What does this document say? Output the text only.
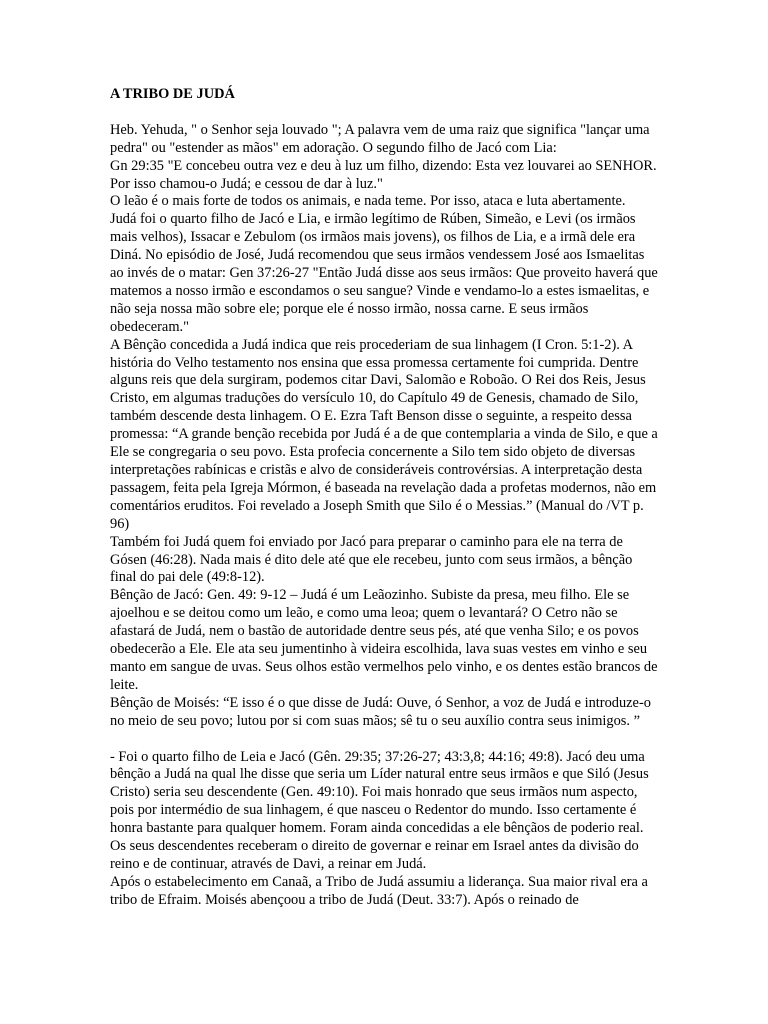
A TRIBO DE JUDÁ

Heb. Yehuda, " o Senhor seja louvado "; A palavra vem de uma raiz que significa "lançar uma pedra" ou "estender as mãos" em adoração. O segundo filho de Jacó com Lia:

Gn 29:35 "E concebeu outra vez e deu à luz um filho, dizendo: Esta vez louvarei ao SENHOR. Por isso chamou-o Judá; e cessou de dar à luz."

O leão é o mais forte de todos os animais, e nada teme. Por isso, ataca e luta abertamente.

Judá foi o quarto filho de Jacó e Lia, e irmão legítimo de Rúben, Simeão, e Levi (os irmãos mais velhos), Issacar e Zebulom (os irmãos mais jovens), os filhos de Lia, e a irmã dele era Diná. No episódio de José, Judá recomendou que seus irmãos vendessem José aos Ismaelitas ao invés de o matar: Gen 37:26-27 "Então Judá disse aos seus irmãos: Que proveito haverá que matemos a nosso irmão e escondamos o seu sangue? Vinde e vendamo-lo a estes ismaelitas, e não seja nossa mão sobre ele; porque ele é nosso irmão, nossa carne. E seus irmãos obedeceram."

A Bênção concedida a Judá indica que reis procederiam de sua linhagem (I Cron. 5:1-2). A história do Velho testamento nos ensina que essa promessa certamente foi cumprida. Dentre alguns reis que dela surgiram, podemos citar Davi, Salomão e Roboão. O Rei dos Reis, Jesus Cristo, em algumas traduções do versículo 10, do Capítulo 49 de Genesis, chamado de Silo, também descende desta linhagem. O E. Ezra Taft Benson disse o seguinte, a respeito dessa promessa: “A grande benção recebida por Judá é a de que contemplaria a vinda de Silo, e que a Ele se congregaria o seu povo. Esta profecia concernente a Silo tem sido objeto de diversas interpretações rabínicas e cristãs e alvo de consideráveis controvérsias. A interpretação desta passagem, feita pela Igreja Mórmon, é baseada na revelação dada a profetas modernos, não em comentários eruditos. Foi revelado a Joseph Smith que Silo é o Messias.” (Manual do /VT p. 96)

Também foi Judá quem foi enviado por Jacó para preparar o caminho para ele na terra de Gósen (46:28). Nada mais é dito dele até que ele recebeu, junto com seus irmãos, a bênção final do pai dele (49:8-12).

Bênção de Jacó: Gen. 49: 9-12 – Judá é um Leãozinho. Subiste da presa, meu filho. Ele se ajoelhou e se deitou como um leão, e como uma leoa; quem o levantará? O Cetro não se afastará de Judá, nem o bastão de autoridade dentre seus pés, até que venha Silo; e os povos obedecerão a Ele. Ele ata seu jumentinho à videira escolhida, lava suas vestes em vinho e seu manto em sangue de uvas. Seus olhos estão vermelhos pelo vinho, e os dentes estão brancos de leite.

Bênção de Moisés: “E isso é o que disse de Judá: Ouve, ó Senhor, a voz de Judá e introduze-o no meio de seu povo; lutou por si com suas mãos; sê tu o seu auxílio contra seus inimigos. ”

- Foi o quarto filho de Leia e Jacó (Gên. 29:35; 37:26-27; 43:3,8; 44:16; 49:8). Jacó deu uma bênção a Judá na qual lhe disse que seria um Líder natural entre seus irmãos e que Siló (Jesus Cristo) seria seu descendente (Gen. 49:10). Foi mais honrado que seus irmãos num aspecto, pois por intermédio de sua linhagem, é que nasceu o Redentor do mundo. Isso certamente é honra bastante para qualquer homem. Foram ainda concedidas a ele bênçãos de poderio real. Os seus descendentes receberam o direito de governar e reinar em Israel antes da divisão do reino e de continuar, através de Davi, a reinar em Judá.

Após o estabelecimento em Canaã, a Tribo de Judá assumiu a liderança. Sua maior rival era a tribo de Efraim. Moisés abençoou a tribo de Judá (Deut. 33:7). Após o reinado de
